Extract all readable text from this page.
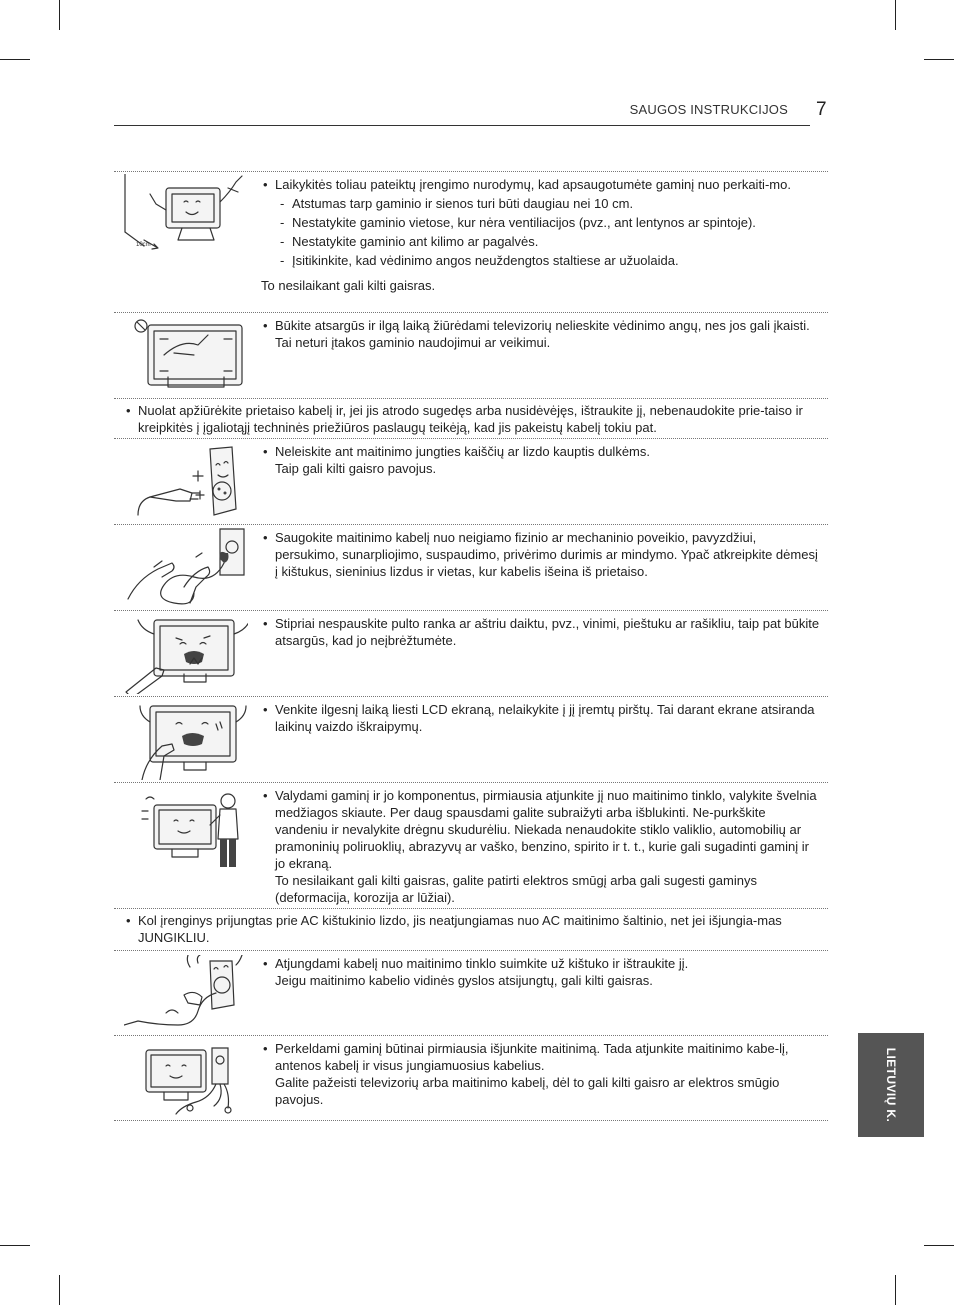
SAUGOS INSTRUKCIJOS 7
LIETUVIŲ K.
10cm
• Laikykitės toliau pateiktų įrengimo nurodymų, kad apsaugotumėte gaminį nuo perkaiti-mo.
- Atstumas tarp gaminio ir sienos turi būti daugiau nei 10 cm.
- Nestatykite gaminio vietose, kur nėra ventiliacijos (pvz., ant lentynos ar spintoje).
- Nestatykite gaminio ant kilimo ar pagalvės.
- Įsitikinkite, kad vėdinimo angos neuždengtos staltiese ar užuolaida.
To nesilaikant gali kilti gaisras.
• Būkite atsargūs ir ilgą laiką žiūrėdami televizorių nelieskite vėdinimo angų, nes jos gali įkaisti. Tai neturi įtakos gaminio naudojimui ar veikimui.
• Nuolat apžiūrėkite prietaiso kabelį ir, jei jis atrodo sugedęs arba nusidėvėjęs, ištraukite jį, nebenaudokite prie-taiso ir kreipkitės į įgaliotąjį techninės priežiūros paslaugų teikėją, kad jis pakeistų kabelį tokiu pat.
• Neleiskite ant maitinimo jungties kaiščių ar lizdo kauptis dulkėms.
Taip gali kilti gaisro pavojus.
• Saugokite maitinimo kabelį nuo neigiamo fizinio ar mechaninio poveikio, pavyzdžiui, persukimo, sunarpliojimo, suspaudimo, privėrimo durimis ar mindymo. Ypač atkreipkite dėmesį į kištukus, sieninius lizdus ir vietas, kur kabelis išeina iš prietaiso.
• Stipriai nespauskite pulto ranka ar aštriu daiktu, pvz., vinimi, pieštuku ar rašikliu, taip pat būkite atsargūs, kad jo neįbrėžtumėte.
• Venkite ilgesnį laiką liesti LCD ekraną, nelaikykite į jį įremtų pirštų. Tai darant ekrane atsiranda laikinų vaizdo iškraipymų.
• Valydami gaminį ir jo komponentus, pirmiausia atjunkite jį nuo maitinimo tinklo, valykite švelnia medžiagos skiaute. Per daug spausdami galite subraižyti arba išblukinti. Ne-purkškite vandeniu ir nevalykite drėgnu skudurėliu. Niekada nenaudokite stiklo valiklio, automobilių ar pramoninių poliruoklių, abrazyvų ar vaško, benzino, spirito ir t. t., kurie gali sugadinti gaminį ir jo ekraną.
To nesilaikant gali kilti gaisras, galite patirti elektros smūgį arba gali sugesti gaminys (deformacija, korozija ar lūžiai).
• Kol įrenginys prijungtas prie AC kištukinio lizdo, jis neatjungiamas nuo AC maitinimo šaltinio, net jei išjungia-mas JUNGIKLIU.
• Atjungdami kabelį nuo maitinimo tinklo suimkite už kištuko ir ištraukite jį.
Jeigu maitinimo kabelio vidinės gyslos atsijungtų, gali kilti gaisras.
• Perkeldami gaminį būtinai pirmiausia išjunkite maitinimą. Tada atjunkite maitinimo kabe-lį, antenos kabelį ir visus jungiamuosius kabelius.
Galite pažeisti televizorių arba maitinimo kabelį, dėl to gali kilti gaisro ar elektros smūgio pavojus.
